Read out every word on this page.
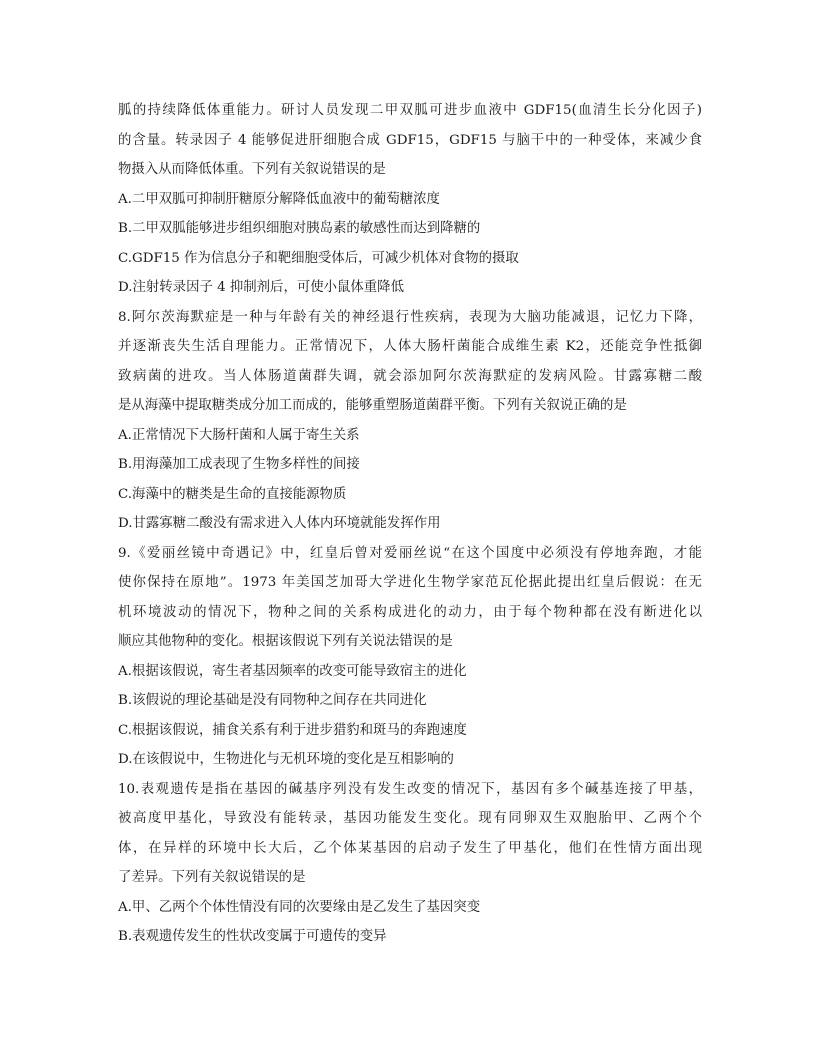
胍的持续降低体重能力。研讨人员发现二甲双胍可进步血液中 GDF15(血清生长分化因子)
的含量。转录因子 4 能够促进肝细胞合成 GDF15，GDF15 与脑干中的一种受体，来减少食
物摄入从而降低体重。下列有关叙说错误的是
A.二甲双胍可抑制肝糖原分解降低血液中的葡萄糖浓度
B.二甲双胍能够进步组织细胞对胰岛素的敏感性而达到降糖的
C.GDF15 作为信息分子和靶细胞受体后，可减少机体对食物的摄取
D.注射转录因子 4 抑制剂后，可使小鼠体重降低
8.阿尔茨海默症是一种与年龄有关的神经退行性疾病，表现为大脑功能减退，记忆力下降，
并逐渐丧失生活自理能力。正常情况下，人体大肠杆菌能合成维生素 K2，还能竞争性抵御
致病菌的进攻。当人体肠道菌群失调，就会添加阿尔茨海默症的发病风险。甘露寡糖二酸
是从海藻中提取糖类成分加工而成的，能够重塑肠道菌群平衡。下列有关叙说正确的是
A.正常情况下大肠杆菌和人属于寄生关系
B.用海藻加工成表现了生物多样性的间接
C.海藻中的糖类是生命的直接能源物质
D.甘露寡糖二酸没有需求进入人体内环境就能发挥作用
9.《爱丽丝镜中奇遇记》中，红皇后曾对爱丽丝说“在这个国度中必须没有停地奔跑，才能
使你保持在原地”。1973 年美国芝加哥大学进化生物学家范瓦伦据此提出红皇后假说：在无
机环境波动的情况下，物种之间的关系构成进化的动力，由于每个物种都在没有断进化以
顺应其他物种的变化。根据该假说下列有关说法错误的是
A.根据该假说，寄生者基因频率的改变可能导致宿主的进化
B.该假说的理论基础是没有同物种之间存在共同进化
C.根据该假说，捕食关系有利于进步猎豹和斑马的奔跑速度
D.在该假说中，生物进化与无机环境的变化是互相影响的
10.表观遗传是指在基因的碱基序列没有发生改变的情况下，基因有多个碱基连接了甲基，
被高度甲基化，导致没有能转录，基因功能发生变化。现有同卵双生双胞胎甲、乙两个个
体，在异样的环境中长大后，乙个体某基因的启动子发生了甲基化，他们在性情方面出现
了差异。下列有关叙说错误的是
A.甲、乙两个个体性情没有同的次要缘由是乙发生了基因突变
B.表观遗传发生的性状改变属于可遗传的变异
